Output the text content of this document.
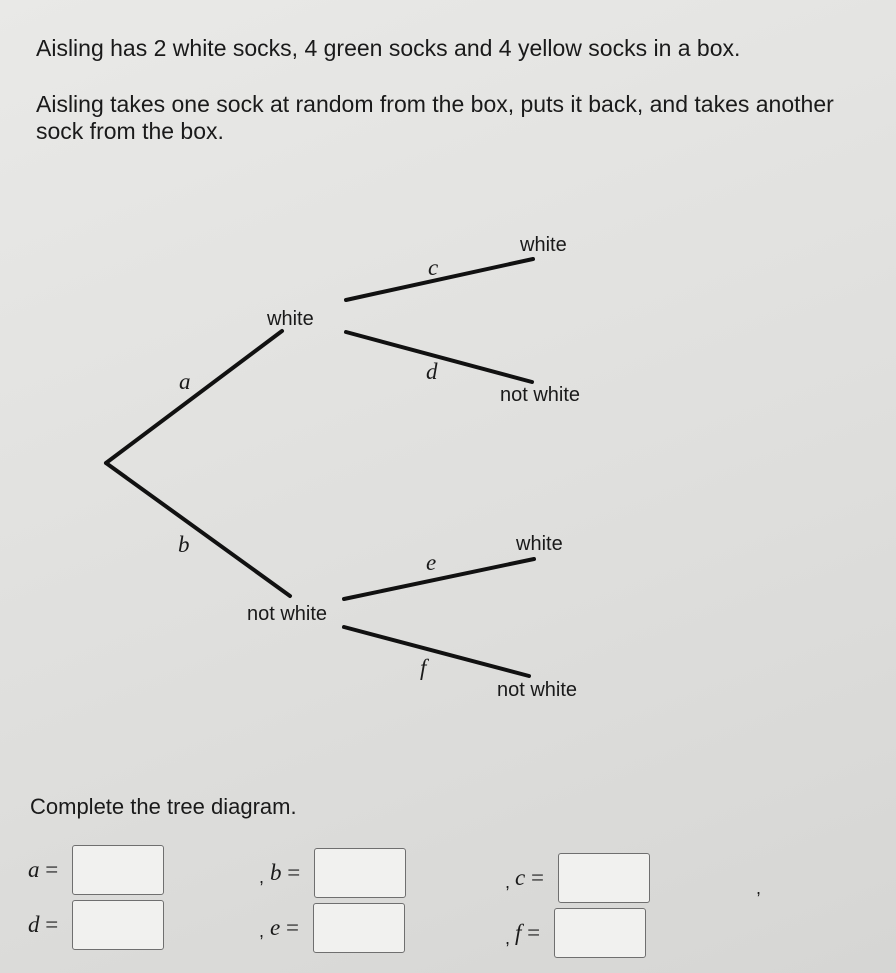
Aisling has 2 white socks, 4 green socks and 4 yellow socks in a box.

Aisling takes one sock at random from the box, puts it back, and takes another sock from the box.

white
not white
white
not white
white
not white
a
b
c
d
e
f

Complete the tree diagram.

a =	, b =	, c =	,
d =	, e =	, f =
